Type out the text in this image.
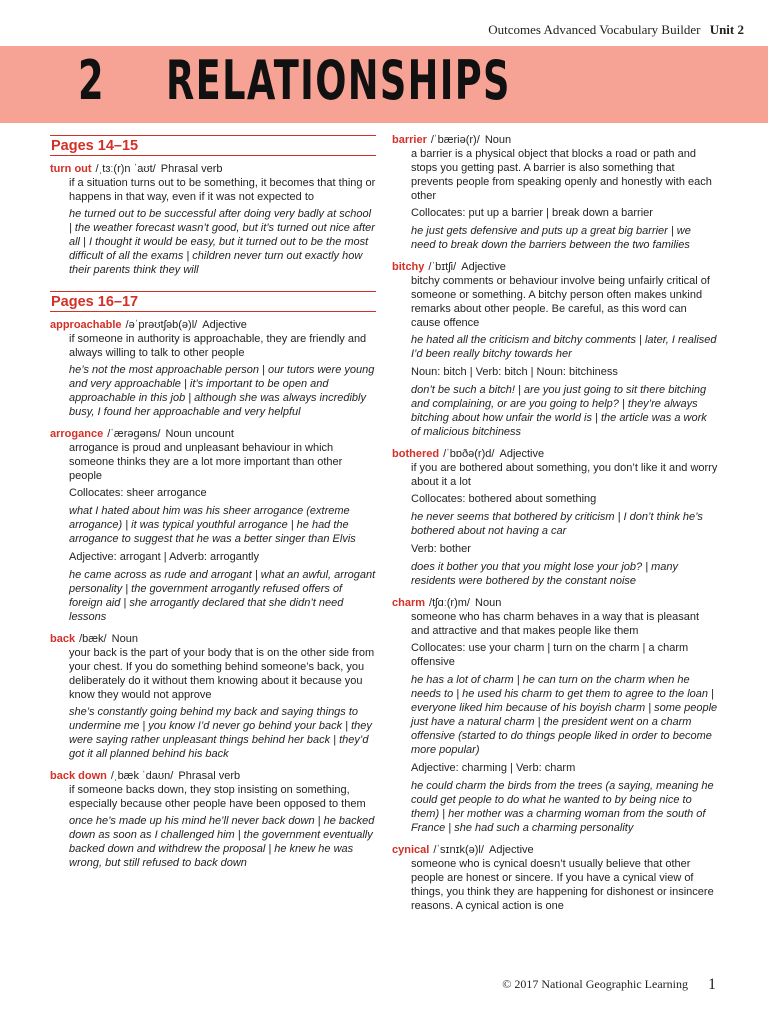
Outcomes Advanced Vocabulary Builder Unit 2
2 RELATIONSHIPS
Pages 14–15
turn out /ˌtɜː(r)n ˈaʊt/ Phrasal verb
if a situation turns out to be something, it becomes that thing or happens in that way, even if it was not expected to
he turned out to be successful after doing very badly at school | the weather forecast wasn’t good, but it’s turned out nice after all | I thought it would be easy, but it turned out to be the most difficult of all the exams | children never turn out exactly how their parents think they will
Pages 16–17
approachable /əˈprəʊtʃəb(ə)l/ Adjective
if someone in authority is approachable, they are friendly and always willing to talk to other people
he’s not the most approachable person | our tutors were young and very approachable | it’s important to be open and approachable in this job | although she was always incredibly busy, I found her approachable and very helpful
arrogance /ˈærəɡəns/ Noun uncount
arrogance is proud and unpleasant behaviour in which someone thinks they are a lot more important than other people
Collocates: sheer arrogance
what I hated about him was his sheer arrogance (extreme arrogance) | it was typical youthful arrogance | he had the arrogance to suggest that he was a better singer than Elvis
Adjective: arrogant | Adverb: arrogantly
he came across as rude and arrogant | what an awful, arrogant personality | the government arrogantly refused offers of foreign aid | she arrogantly declared that she didn’t need lessons
back /bæk/ Noun
your back is the part of your body that is on the other side from your chest. If you do something behind someone’s back, you deliberately do it without them knowing about it because you know they would not approve
she’s constantly going behind my back and saying things to undermine me | you know I’d never go behind your back | they were saying rather unpleasant things behind her back | they’d got it all planned behind his back
back down /ˌbæk ˈdaʊn/ Phrasal verb
if someone backs down, they stop insisting on something, especially because other people have been opposed to them
once he’s made up his mind he’ll never back down | he backed down as soon as I challenged him | the government eventually backed down and withdrew the proposal | he knew he was wrong, but still refused to back down
barrier /ˈbæriə(r)/ Noun
a barrier is a physical object that blocks a road or path and stops you getting past. A barrier is also something that prevents people from speaking openly and honestly with each other
Collocates: put up a barrier | break down a barrier
he just gets defensive and puts up a great big barrier | we need to break down the barriers between the two families
bitchy /ˈbɪtʃi/ Adjective
bitchy comments or behaviour involve being unfairly critical of someone or something. A bitchy person often makes unkind remarks about other people. Be careful, as this word can cause offence
he hated all the criticism and bitchy comments | later, I realised I’d been really bitchy towards her
Noun: bitch | Verb: bitch | Noun: bitchiness
don’t be such a bitch! | are you just going to sit there bitching and complaining, or are you going to help? | they’re always bitching about how unfair the world is | the article was a work of malicious bitchiness
bothered /ˈbɒðə(r)d/ Adjective
if you are bothered about something, you don’t like it and worry about it a lot
Collocates: bothered about something
he never seems that bothered by criticism | I don’t think he’s bothered about not having a car
Verb: bother
does it bother you that you might lose your job? | many residents were bothered by the constant noise
charm /tʃɑː(r)m/ Noun
someone who has charm behaves in a way that is pleasant and attractive and that makes people like them
Collocates: use your charm | turn on the charm | a charm offensive
he has a lot of charm | he can turn on the charm when he needs to | he used his charm to get them to agree to the loan | everyone liked him because of his boyish charm | some people just have a natural charm | the president went on a charm offensive (started to do things people liked in order to become more popular)
Adjective: charming | Verb: charm
he could charm the birds from the trees (a saying, meaning he could get people to do what he wanted to by being nice to them) | her mother was a charming woman from the south of France | she had such a charming personality
cynical /ˈsɪnɪk(ə)l/ Adjective
someone who is cynical doesn’t usually believe that other people are honest or sincere. If you have a cynical view of things, you think they are happening for dishonest or insincere reasons. A cynical action is one
© 2017 National Geographic Learning 1
